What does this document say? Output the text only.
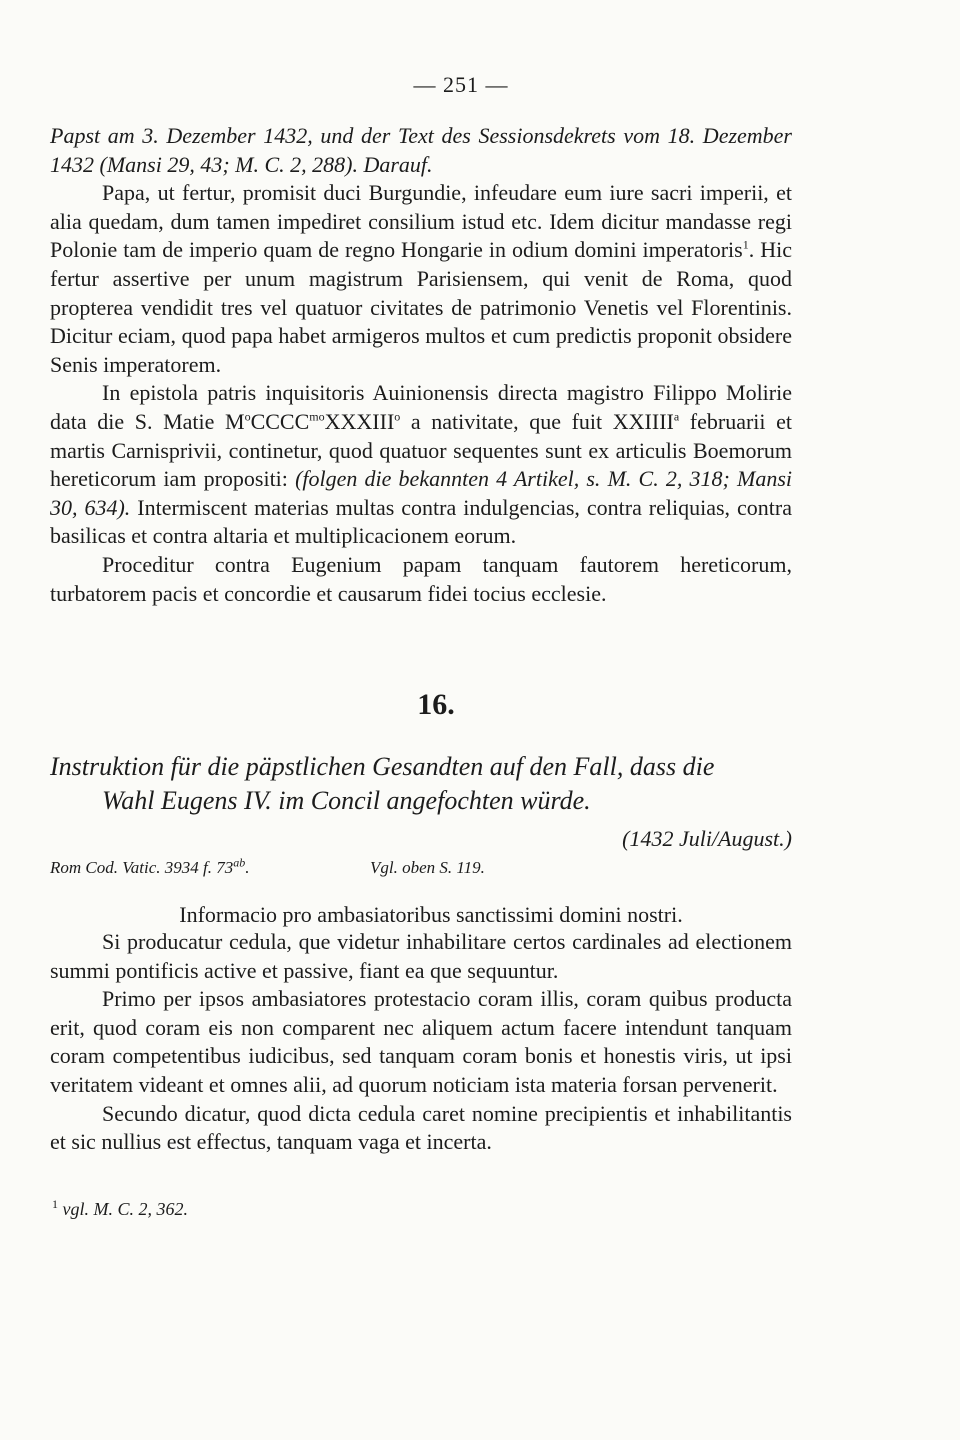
— 251 —

Papst am 3. Dezember 1432, und der Text des Sessionsdekrets vom 18. Dezember 1432 (Mansi 29, 43; M. C. 2, 288). Darauf.

Papa, ut fertur, promisit duci Burgundie, infeudare eum iure sacri imperii, et alia quedam, dum tamen impediret consilium istud etc. Idem dicitur mandasse regi Polonie tam de imperio quam de regno Hongarie in odium domini imperatoris$^1$. Hic fertur assertive per unum magistrum Parisiensem, qui venit de Roma, quod propterea vendidit tres vel quatuor civitates de patrimonio Venetis vel Florentinis. Dicitur eciam, quod papa habet armigeros multos et cum predictis proponit obsidere Senis imperatorem.

In epistola patris inquisitoris Auinionensis directa magistro Filippo Molirie data die S. Matie $M^oCCCC^{mo}XXXIII^o$ a nativitate, que fuit XXIIII$^a$ februarii et martis Carnisprivii, continetur, quod quatuor sequentes sunt ex articulis Boemorum hereticorum iam propositi: (folgen die bekannten 4 Artikel, s. M. C. 2, 318; Mansi 30, 634). Intermiscent materias multas contra indulgencias, contra reliquias, contra basilicas et contra altaria et multiplicacionem eorum.

Proceditur contra Eugenium papam tanquam fautorem hereticorum, turbatorem pacis et concordie et causarum fidei tocius ecclesie.

16.
Instruktion für die päpstlichen Gesandten auf den Fall, dass die
Wahl Eugens IV. im Concil angefochten würde.
(1432 Juli/August.)
Rom Cod. Vatic. 3934 f. $73^{ab}$.	Vgl. oben S. 119.
Informacio pro ambasiatoribus sanctissimi domini nostri.

Si producatur cedula, que videtur inhabilitare certos cardinales ad electionem summi pontificis active et passive, fiant ea que sequuntur.

Primo per ipsos ambasiatores protestacio coram illis, coram quibus producta erit, quod coram eis non comparent nec aliquem actum facere intendunt tanquam coram competentibus iudicibus, sed tanquam coram bonis et honestis viris, ut ipsi veritatem videant et omnes alii, ad quorum noticiam ista materia forsan pervenerit.

Secundo dicatur, quod dicta cedula caret nomine precipientis et inhabilitantis et sic nullius est effectus, tanquam vaga et incerta.

$^1$ vgl. M. C. 2, 362.
